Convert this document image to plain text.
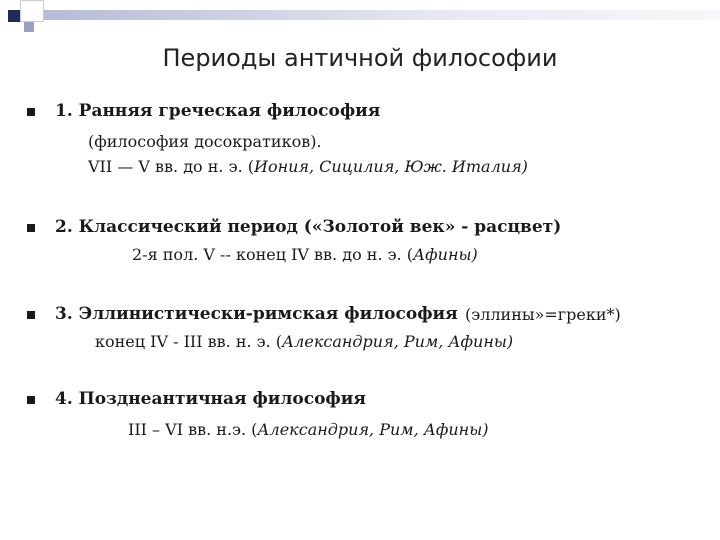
Периоды античной философии
1. Ранняя греческая философия
(философия досократиков).
VII — V вв. до н. э. (Иония, Сицилия, Юж. Италия)
2. Классический период («Золотой век» - расцвет)
2-я пол. V -- конец IV вв. до н. э. (Афины)
3. Эллинистически-римская философия (эллины»=греки*)
конец IV - III вв. н. э. (Александрия, Рим, Афины)
4. Позднеантичная философия
III – VI вв. н.э. (Александрия, Рим, Афины)
